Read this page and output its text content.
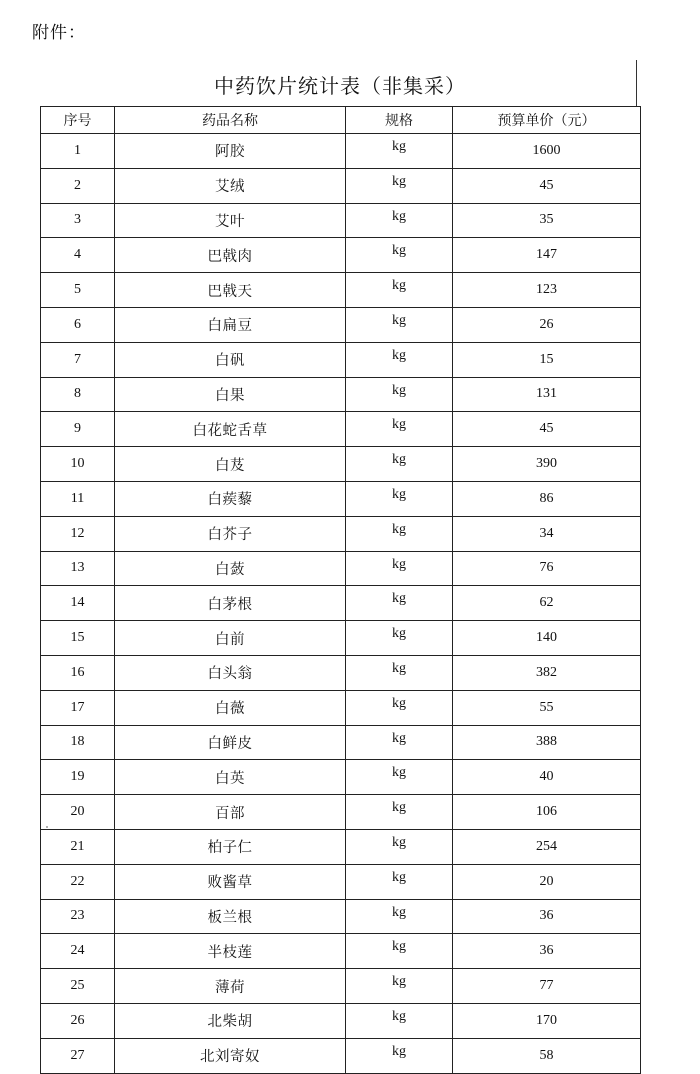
附件：
中药饮片统计表（非集采）
序号	药品名称	规格	预算单价（元）
1	阿胶	kg	1600
2	艾绒	kg	45
3	艾叶	kg	35
4	巴戟肉	kg	147
5	巴戟天	kg	123
6	白扁豆	kg	26
7	白矾	kg	15
8	白果	kg	131
9	白花蛇舌草	kg	45
10	白芨	kg	390
11	白蒺藜	kg	86
12	白芥子	kg	34
13	白蔹	kg	76
14	白茅根	kg	62
15	白前	kg	140
16	白头翁	kg	382
17	白薇	kg	55
18	白鲜皮	kg	388
19	白英	kg	40
20	百部	kg	106
21	柏子仁	kg	254
22	败酱草	kg	20
23	板兰根	kg	36
24	半枝莲	kg	36
25	薄荷	kg	77
26	北柴胡	kg	170
27	北刘寄奴	kg	58
